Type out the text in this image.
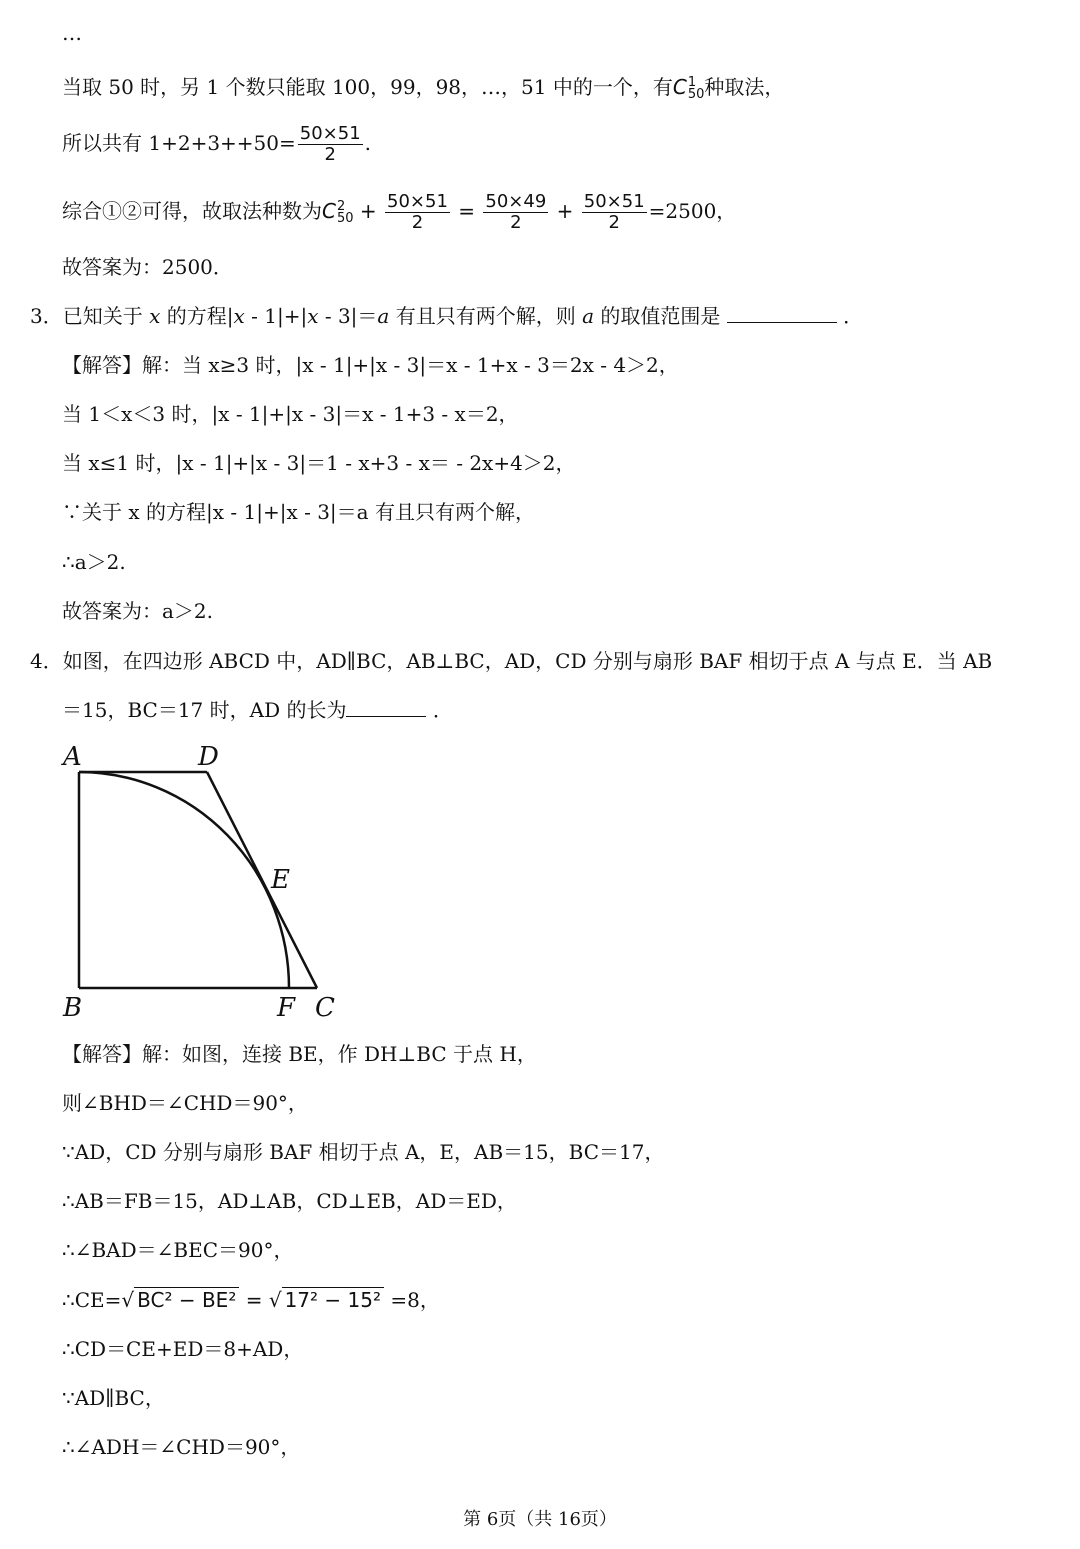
…
当取 50 时，另 1 个数只能取 100，99，98，…，51 中的一个，有C 1
50 种取法，
所以共有 $1+2+3++50= \frac{50\times 51}{2}$ .
综合①②可得，故取法种数为C 2
$50 + \frac{50\times 51}{2} = \frac{50\times 49}{2} + \frac{50\times 51}{2} =2500$，
故答案为：2500．
3．已知关于 x 的方程|x - 1|+|x - 3|＝a 有且只有两个解，则 a 的取值范围是	．
【解答】解：当 x≥3 时，|x - 1|+|x - 3|＝x - 1+x - 3＝2x - 4＞2，
当 1＜x＜3 时，|x - 1|+|x - 3|＝x - 1+3 - x＝2，
当 x≤1 时，|x - 1|+|x - 3|＝1 - x+3 - x＝ - 2x+4＞2，
∵关于 x 的方程|x - 1|+|x - 3|＝a 有且只有两个解，
∴a＞2.
故答案为：a＞2.
4．如图，在四边形 ABCD 中，AD∥BC，AB⊥BC，AD，CD 分别与扇形 BAF 相切于点 A 与点 E．当 AB
＝15，BC＝17 时，AD 的长为	．
A	D
E
B	F C
【解答】解：如图，连接 BE，作 DH⊥BC 于点 H，
则∠BHD＝∠CHD＝90°，
∵AD，CD 分别与扇形 BAF 相切于点 A，E，AB＝15，BC＝17，
∴AB＝FB＝15，AD⊥AB，CD⊥EB，AD＝ED，
∴∠BAD＝∠BEC＝90°，
∴CE=√ BC² − BE² = √ 17² − 15² =8，
∴CD＝CE+ED＝8+AD，
∵AD∥BC，
∴∠ADH＝∠CHD＝90°，
第 6页（共 16页）
